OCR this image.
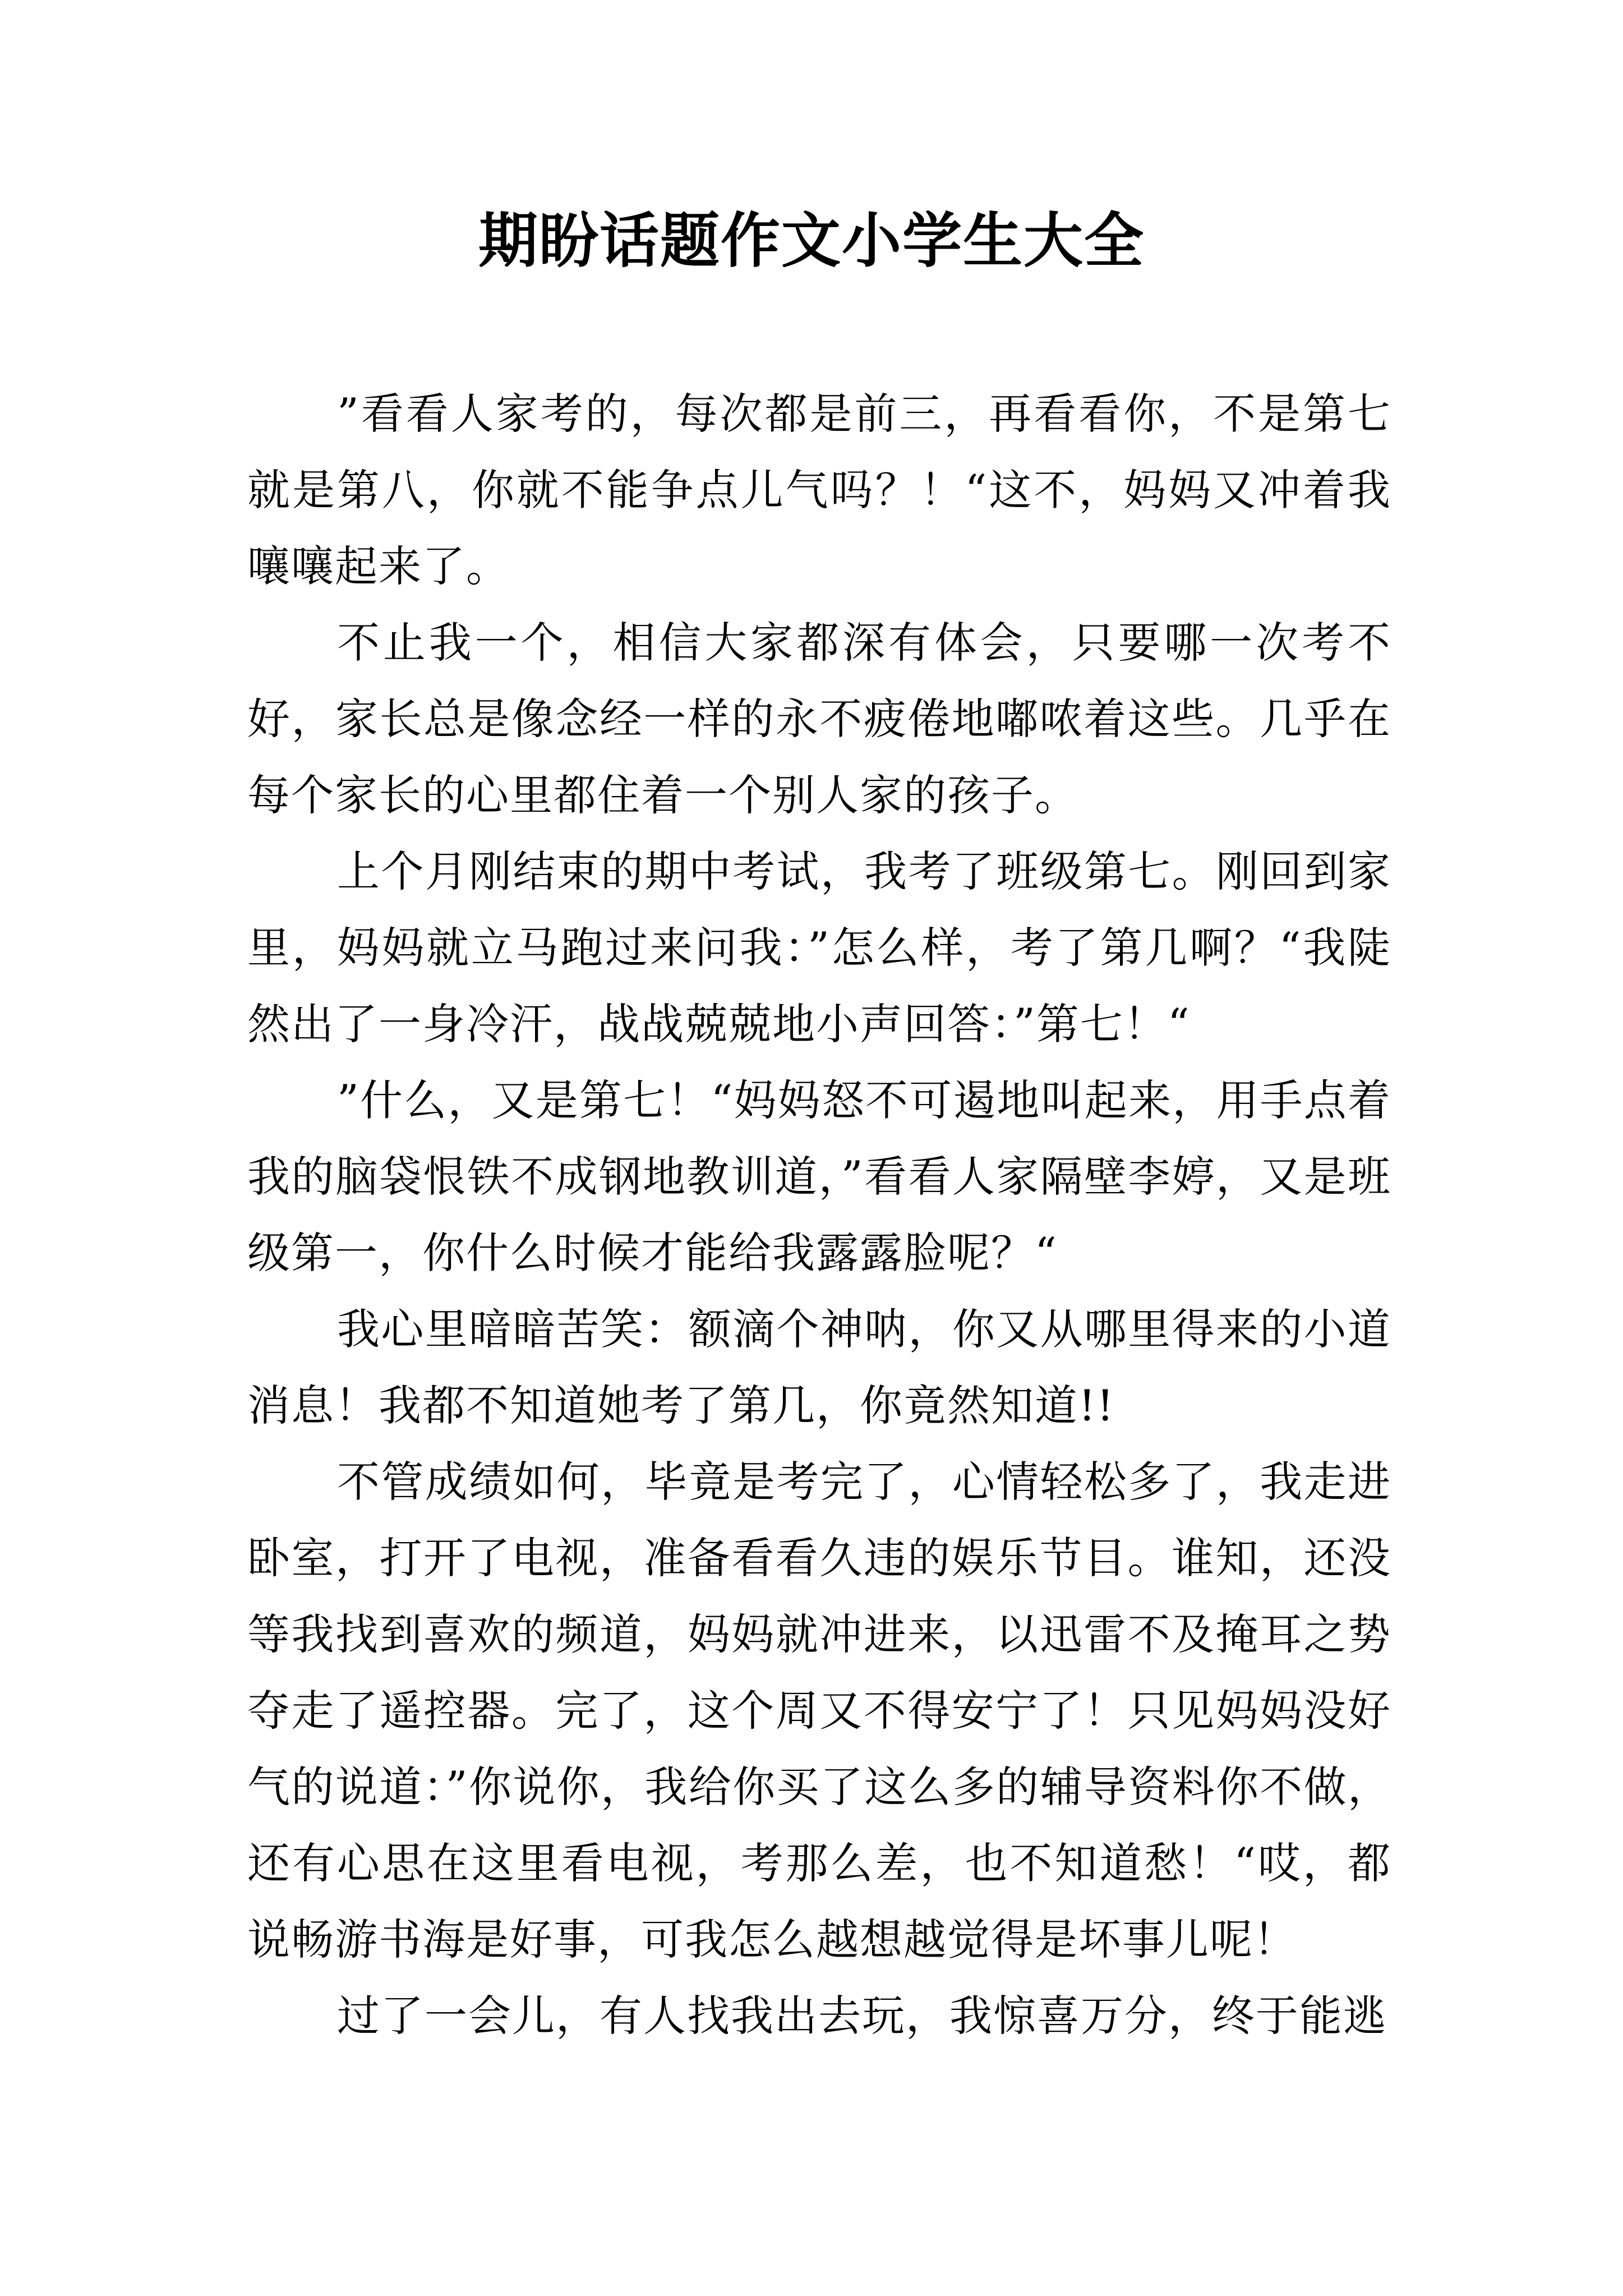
期盼话题作文小学生大全

”看看人家考的，每次都是前三，再看看你，不是第七就是第八，你就不能争点儿气吗？！“这不，妈妈又冲着我嚷嚷起来了。

不止我一个，相信大家都深有体会，只要哪一次考不好，家长总是像念经一样的永不疲倦地嘟哝着这些。几乎在每个家长的心里都住着一个别人家的孩子。

上个月刚结束的期中考试，我考了班级第七。刚回到家里，妈妈就立马跑过来问我：”怎么样，考了第几啊？“我陡然出了一身冷汗，战战兢兢地小声回答：”第七！“

”什么，又是第七！“妈妈怒不可遏地叫起来，用手点着我的脑袋恨铁不成钢地教训道，”看看人家隔壁李婷，又是班级第一，你什么时候才能给我露露脸呢？“

我心里暗暗苦笑：额滴个神呐，你又从哪里得来的小道消息！我都不知道她考了第几，你竟然知道!!

不管成绩如何，毕竟是考完了，心情轻松多了，我走进卧室，打开了电视，准备看看久违的娱乐节目。谁知，还没等我找到喜欢的频道，妈妈就冲进来，以迅雷不及掩耳之势夺走了遥控器。完了，这个周又不得安宁了！只见妈妈没好气的说道：”你说你，我给你买了这么多的辅导资料你不做，还有心思在这里看电视，考那么差，也不知道愁！“哎，都说畅游书海是好事，可我怎么越想越觉得是坏事儿呢！

过了一会儿，有人找我出去玩，我惊喜万分，终于能逃
